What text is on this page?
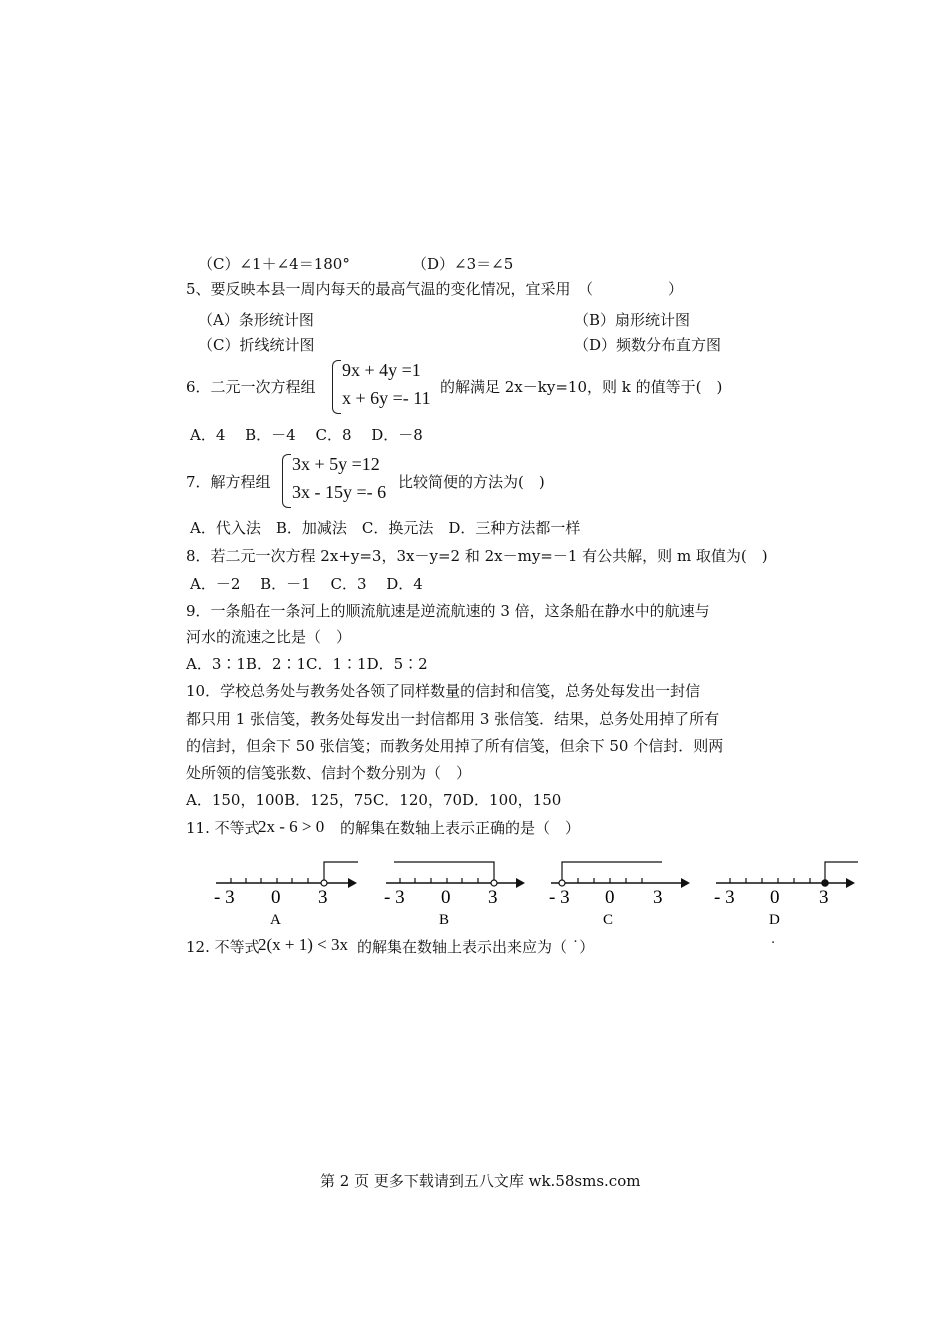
（C）∠1＋∠4＝180°	（D）∠3＝∠5
5、要反映本县一周内每天的最高气温的变化情况，宜采用　（　　　　　）
（A）条形统计图	（B）扇形统计图
（C）折线统计图	（D）频数分布直方图
6．二元一次方程组
9x + 4y =1
x + 6y =- 11
的解满足 2x－ky=10，则 k 的值等于(　)
A．4　 B．－4　 C．8　 D．－8
7．解方程组
3x + 5y =12
3x - 15y =- 6 比较简便的方法为(　)
A．代入法　B．加减法　C．换元法　D．三种方法都一样
8．若二元一次方程 2x+y=3，3x－y=2 和 2x－my=－1 有公共解，则 m 取值为(　)
A．－2　 B．－1　 C．3　 D．4
9．一条船在一条河上的顺流航速是逆流航速的 3 倍，这条船在静水中的航速与
河水的流速之比是（　）
A．3∶1B．2∶1C．1∶1D．5∶2
10．学校总务处与教务处各领了同样数量的信封和信笺，总务处每发出一封信
都只用 1 张信笺，教务处每发出一封信都用 3 张信笺．结果，总务处用掉了所有
的信封，但余下 50 张信笺；而教务处用掉了所有信笺，但余下 50 个信封．则两
处所领的信笺张数、信封个数分别为（　）
A．150，100B．125，75C．120，70D．100，150
11. 不等式
2x - 6 > 0 的解集在数轴上表示正确的是（　）
- 3 0 3
A
- 3 0 3
B
- 3 0 3
C
- 3 0 3
D
.
12. 不等式
2(x + 1) < 3x 的解集在数轴上表示出来应为（ ˙）
第 2 页 更多下载请到五八文库 wk.58sms.com
